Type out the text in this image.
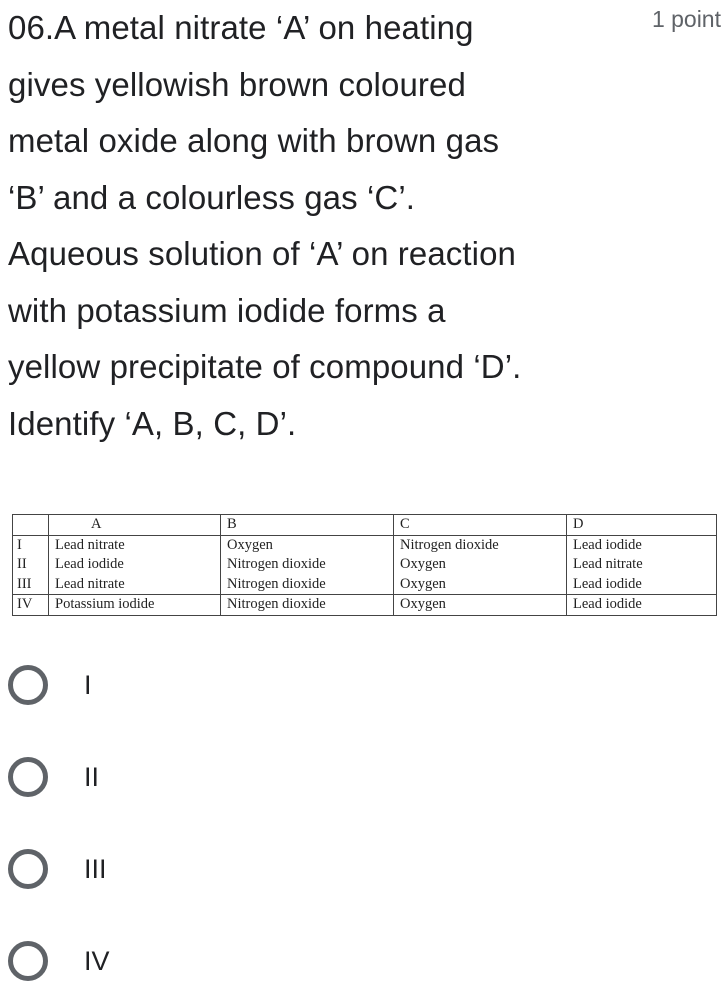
06.A metal nitrate ‘A’ on heating
gives yellowish brown coloured
metal oxide along with brown gas
‘B’ and a colourless gas ‘C’.
Aqueous solution of ‘A’ on reaction
with potassium iodide forms a
yellow precipitate of compound ‘D’.
Identify ‘A, B, C, D’.
1 point
	A	B	C	D
I	Lead nitrate	Oxygen	Nitrogen dioxide	Lead iodide
II	Lead iodide	Nitrogen dioxide	Oxygen	Lead nitrate
III	Lead nitrate	Nitrogen dioxide	Oxygen	Lead iodide
IV	Potassium iodide	Nitrogen dioxide	Oxygen	Lead iodide
I
II
III
IV
